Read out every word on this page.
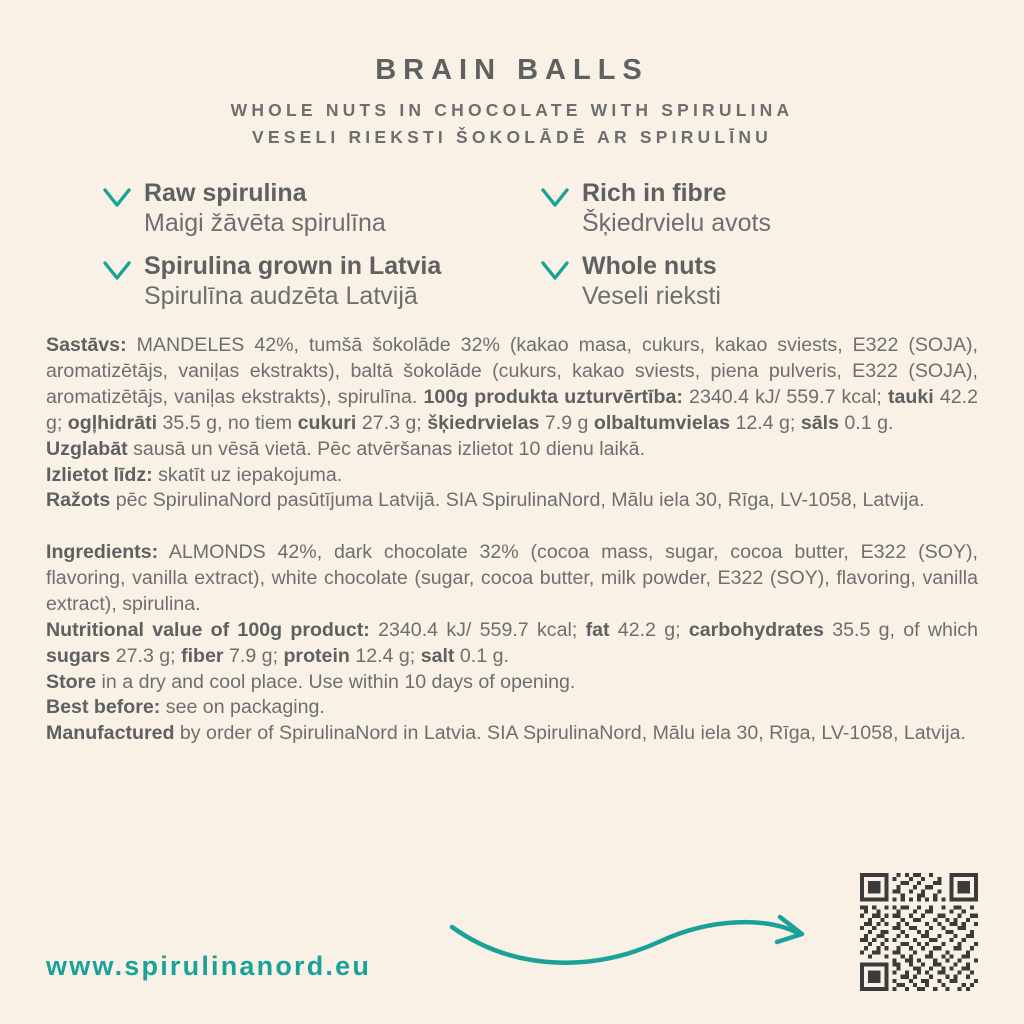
BRAIN BALLS
WHOLE NUTS IN CHOCOLATE WITH SPIRULINA
VESELI RIEKSTI ŠOKOLĀDĒ AR SPIRULĪNU
Raw spirulina
Maigi žāvēta spirulīna
Rich in fibre
Šķiedrvielu avots
Spirulina grown in Latvia
Spirulīna audzēta Latvijā
Whole nuts
Veseli rieksti

Sastāvs: MANDELES 42%, tumšā šokolāde 32% (kakao masa, cukurs, kakao sviests, E322 (SOJA), aromatizētājs, vaniļas ekstrakts), baltā šokolāde (cukurs, kakao sviests, piena pulveris, E322 (SOJA), aromatizētājs, vaniļas ekstrakts), spirulīna. 100g produkta uzturvērtība: 2340.4 kJ/ 559.7 kcal; tauki 42.2 g; ogļhidrāti 35.5 g, no tiem cukuri 27.3 g; šķiedrvielas 7.9 g olbaltumvielas 12.4 g; sāls 0.1 g.

Uzglabāt sausā un vēsā vietā. Pēc atvēršanas izlietot 10 dienu laikā.

Izlietot līdz: skatīt uz iepakojuma.

Ražots pēc SpirulinaNord pasūtījuma Latvijā. SIA SpirulinaNord, Mālu iela 30, Rīga, LV-1058, Latvija.

Ingredients: ALMONDS 42%, dark chocolate 32% (cocoa mass, sugar, cocoa butter, E322 (SOY), flavoring, vanilla extract), white chocolate (sugar, cocoa butter, milk powder, E322 (SOY), flavoring, vanilla extract), spirulina.

Nutritional value of 100g product: 2340.4 kJ/ 559.7 kcal; fat 42.2 g; carbohydrates 35.5 g, of which sugars 27.3 g; fiber 7.9 g; protein 12.4 g; salt 0.1 g.

Store in a dry and cool place. Use within 10 days of opening.

Best before: see on packaging.

Manufactured by order of SpirulinaNord in Latvia. SIA SpirulinaNord, Mālu iela 30, Rīga, LV-1058, Latvija.

www.spirulinanord.eu
